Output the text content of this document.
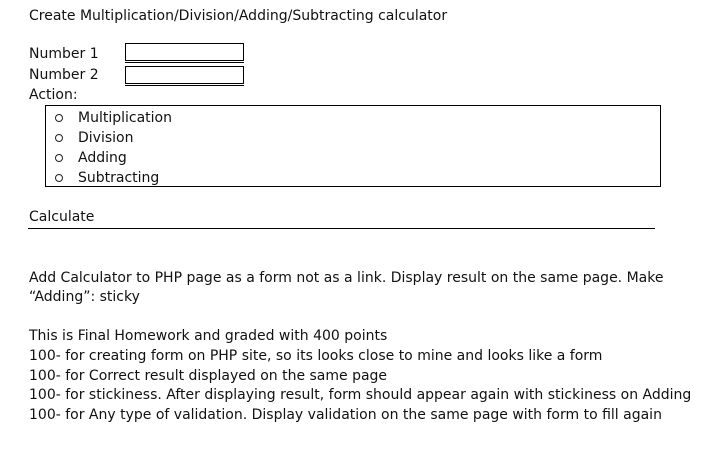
Create Multiplication/Division/Adding/Subtracting calculator
Number 1
Number 2
Action:
Multiplication
Division
Adding
Subtracting
Calculate
Add Calculator to PHP page as a form not as a link. Display result on the same page. Make
“Adding”: sticky
This is Final Homework and graded with 400 points
100- for creating form on PHP site, so its looks close to mine and looks like a form
100- for Correct result displayed on the same page
100- for stickiness. After displaying result, form should appear again with stickiness on Adding
100- for Any type of validation. Display validation on the same page with form to fill again
